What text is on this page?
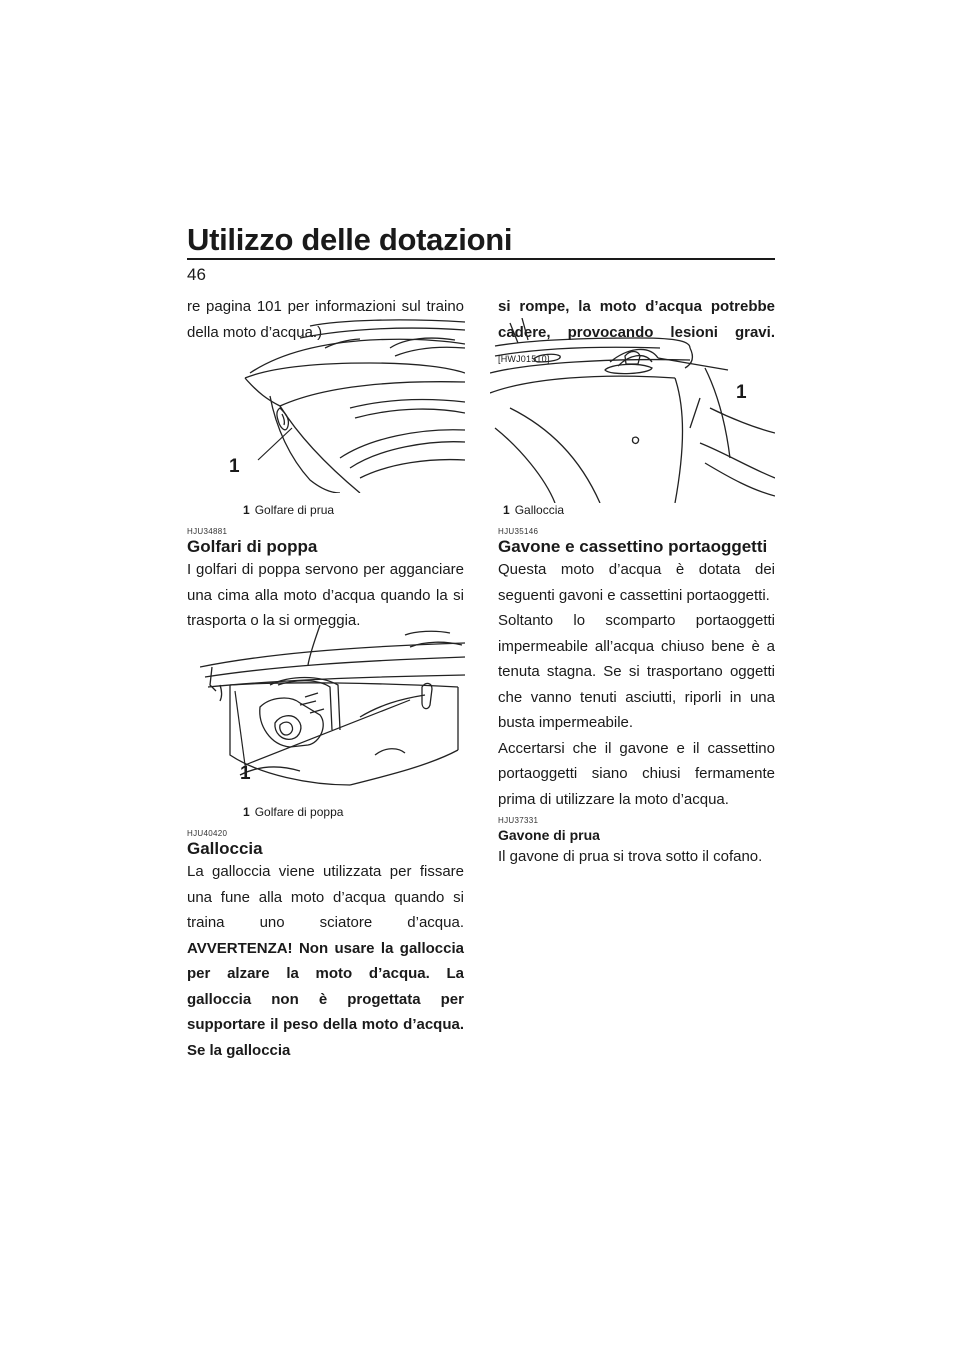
Utilizzo delle dotazioni
46

re pagina 101 per informazioni sul traino della moto d’acqua.)

1
1 Golfare di prua
HJU34881
Golfari di poppa

I golfari di poppa servono per agganciare una cima alla moto d’acqua quando la si trasporta o la si ormeggia.

1
1 Golfare di poppa
HJU40420
Galloccia

La galloccia viene utilizzata per fissare una fune alla moto d’acqua quando si traina uno sciatore d’acqua. AVVERTENZA! Non usare la galloccia per alzare la moto d’acqua. La galloccia non è progettata per supportare il peso della moto d’acqua. Se la galloccia

si rompe, la moto d’acqua potrebbe cadere, provocando lesioni gravi. [HWJ01510]

1
1 Galloccia
HJU35146
Gavone e cassettino portaoggetti

Questa moto d’acqua è dotata dei seguenti gavoni e cassettini portaoggetti.

Soltanto lo scomparto portaoggetti impermeabile all’acqua chiuso bene è a tenuta stagna. Se si trasportano oggetti che vanno tenuti asciutti, riporli in una busta impermeabile.

Accertarsi che il gavone e il cassettino portaoggetti siano chiusi fermamente prima di utilizzare la moto d’acqua.

HJU37331
Gavone di prua

Il gavone di prua si trova sotto il cofano.
